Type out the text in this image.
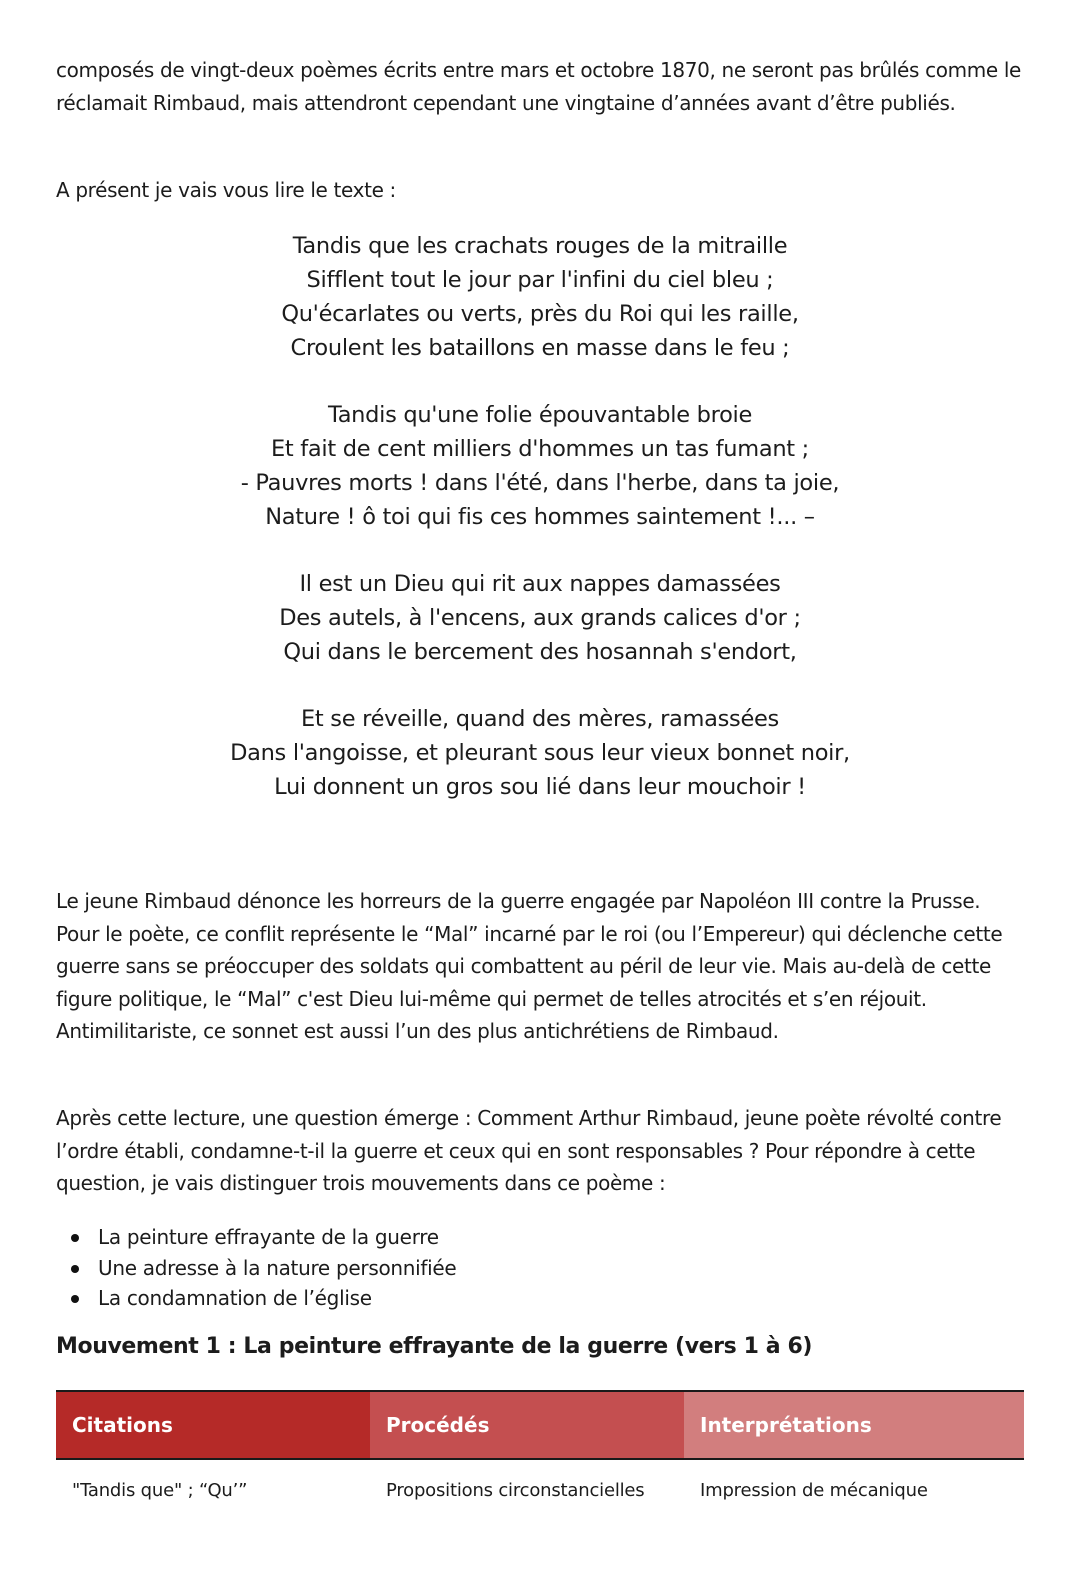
composés de vingt-deux poèmes écrits entre mars et octobre 1870, ne seront pas brûlés comme le réclamait Rimbaud, mais attendront cependant une vingtaine d’années avant d’être publiés.

A présent je vais vous lire le texte :

Tandis que les crachats rouges de la mitraille
Sifflent tout le jour par l'infini du ciel bleu ;
Qu'écarlates ou verts, près du Roi qui les raille,
Croulent les bataillons en masse dans le feu ;
Tandis qu'une folie épouvantable broie
Et fait de cent milliers d'hommes un tas fumant ;
- Pauvres morts ! dans l'été, dans l'herbe, dans ta joie,
Nature ! ô toi qui fis ces hommes saintement !... –
Il est un Dieu qui rit aux nappes damassées
Des autels, à l'encens, aux grands calices d'or ;
Qui dans le bercement des hosannah s'endort,
Et se réveille, quand des mères, ramassées
Dans l'angoisse, et pleurant sous leur vieux bonnet noir,
Lui donnent un gros sou lié dans leur mouchoir !

Le jeune Rimbaud dénonce les horreurs de la guerre engagée par Napoléon III contre la Prusse. Pour le poète, ce conflit représente le “Mal” incarné par le roi (ou l’Empereur) qui déclenche cette guerre sans se préoccuper des soldats qui combattent au péril de leur vie. Mais au-delà de cette figure politique, le “Mal” c'est Dieu lui-même qui permet de telles atrocités et s’en réjouit. Antimilitariste, ce sonnet est aussi l’un des plus antichrétiens de Rimbaud.

Après cette lecture, une question émerge : Comment Arthur Rimbaud, jeune poète révolté contre l’ordre établi, condamne-t-il la guerre et ceux qui en sont responsables ? Pour répondre à cette question, je vais distinguer trois mouvements dans ce poème :

La peinture effrayante de la guerre
Une adresse à la nature personnifiée
La condamnation de l’église
Mouvement 1 : La peinture effrayante de la guerre (vers 1 à 6)
Citations	Procédés	Interprétations
"Tandis que" ; “Qu’”	Propositions circonstancielles	Impression de mécanique
